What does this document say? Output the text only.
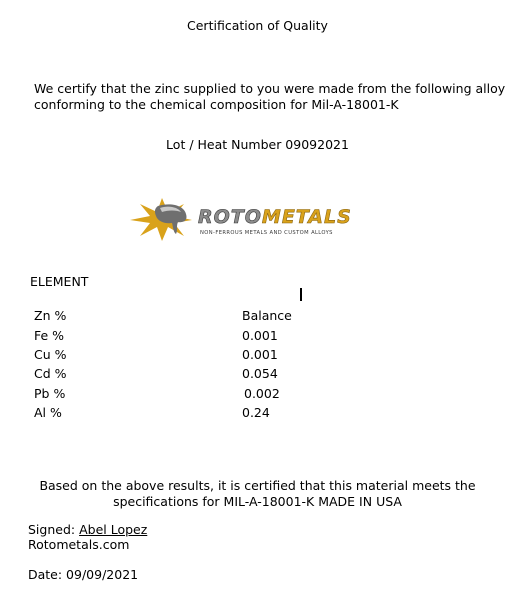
Certification of Quality
We certify that the zinc supplied to you were made from the following alloy
conforming to the chemical composition for Mil-A-18001-K
Lot / Heat Number 09092021
ROTOMETALS
NON-FERROUS METALS AND CUSTOM ALLOYS
ELEMENT
Zn %	Balance
Fe %	0.001
Cu %	0.001
Cd %	0.054
Pb %	0.002
Al %	0.24
Based on the above results, it is certified that this material meets the
specifications for MIL-A-18001-K MADE IN USA
Signed: Abel Lopez
Rotometals.com
Date: 09/09/2021
